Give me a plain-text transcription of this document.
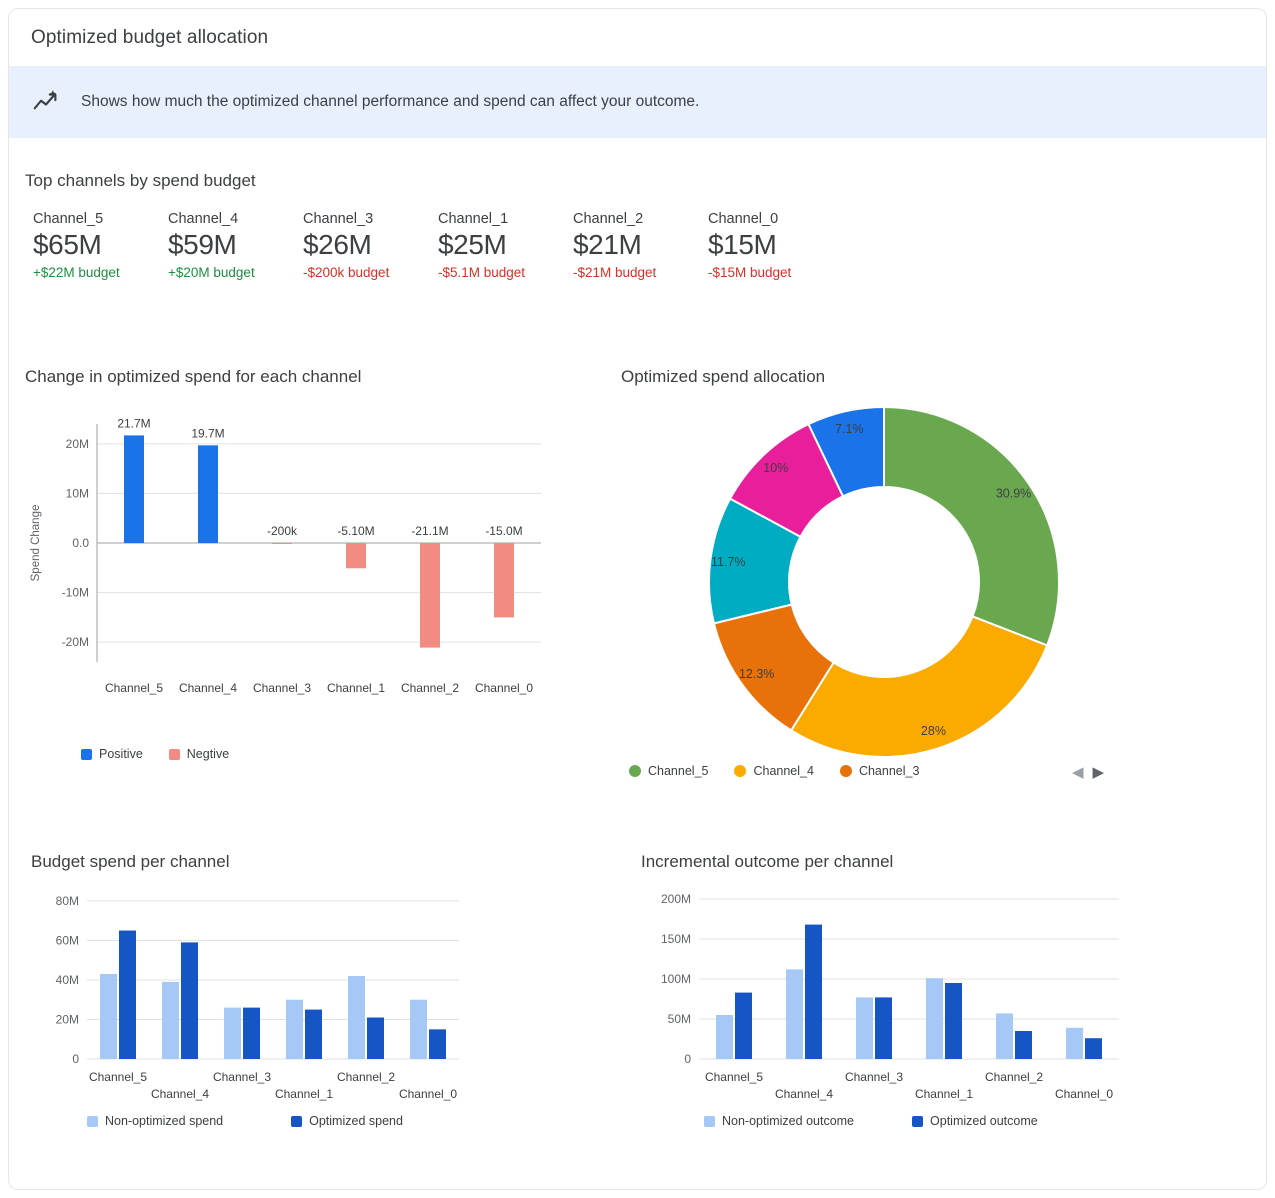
Optimized budget allocation
Shows how much the optimized channel performance and spend can affect your outcome.
Top channels by spend budget
Channel_5
$65M
+$22M budget
Channel_4
$59M
+$20M budget
Channel_3
$26M
-$200k budget
Channel_1
$25M
-$5.1M budget
Channel_2
$21M
-$21M budget
Channel_0
$15M
-$15M budget
Change in optimized spend for each channel
20M
10M
0.0
-10M
-20M
21.7M
Channel_5
19.7M
Channel_4
-200k
Channel_3
-5.10M
Channel_1
-21.1M
Channel_2
-15.0M
Channel_0
Spend Change
Positive	Negtive
Optimized spend allocation
30.9%
28%
12.3%
11.7%
10%
7.1%
Channel_5	Channel_4	Channel_3	◀ ▶
Budget spend per channel
80M
60M
40M
20M
0
Channel_5
Channel_4
Channel_3
Channel_1
Channel_2
Channel_0
Non-optimized spend	Optimized spend
Incremental outcome per channel
200M
150M
100M
50M
0
Channel_5
Channel_4
Channel_3
Channel_1
Channel_2
Channel_0
Non-optimized outcome	Optimized outcome
